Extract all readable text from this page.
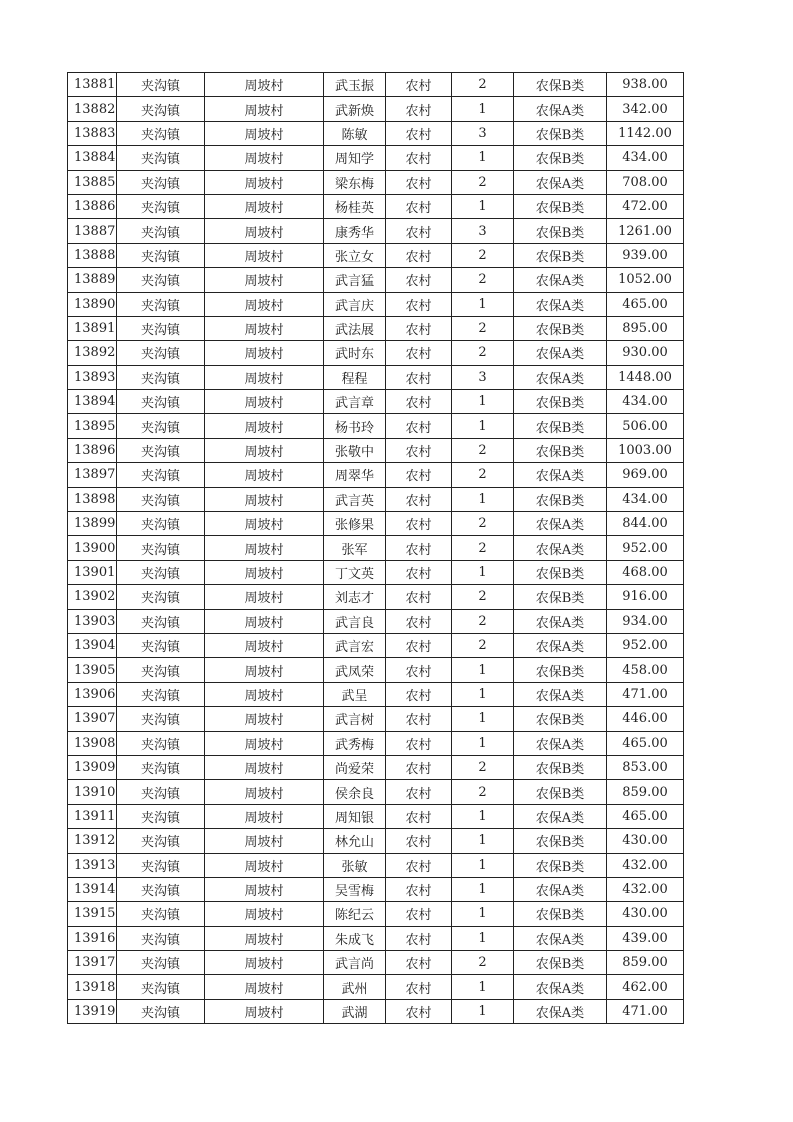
13881	夹沟镇	周坡村	武玉振	农村	2	农保B类	938.00
13882	夹沟镇	周坡村	武新焕	农村	1	农保A类	342.00
13883	夹沟镇	周坡村	陈敏	农村	3	农保B类	1142.00
13884	夹沟镇	周坡村	周知学	农村	1	农保B类	434.00
13885	夹沟镇	周坡村	梁东梅	农村	2	农保A类	708.00
13886	夹沟镇	周坡村	杨桂英	农村	1	农保B类	472.00
13887	夹沟镇	周坡村	康秀华	农村	3	农保B类	1261.00
13888	夹沟镇	周坡村	张立女	农村	2	农保B类	939.00
13889	夹沟镇	周坡村	武言猛	农村	2	农保A类	1052.00
13890	夹沟镇	周坡村	武言庆	农村	1	农保A类	465.00
13891	夹沟镇	周坡村	武法展	农村	2	农保B类	895.00
13892	夹沟镇	周坡村	武时东	农村	2	农保A类	930.00
13893	夹沟镇	周坡村	程程	农村	3	农保A类	1448.00
13894	夹沟镇	周坡村	武言章	农村	1	农保B类	434.00
13895	夹沟镇	周坡村	杨书玲	农村	1	农保B类	506.00
13896	夹沟镇	周坡村	张敬中	农村	2	农保B类	1003.00
13897	夹沟镇	周坡村	周翠华	农村	2	农保A类	969.00
13898	夹沟镇	周坡村	武言英	农村	1	农保B类	434.00
13899	夹沟镇	周坡村	张修果	农村	2	农保A类	844.00
13900	夹沟镇	周坡村	张军	农村	2	农保A类	952.00
13901	夹沟镇	周坡村	丁文英	农村	1	农保B类	468.00
13902	夹沟镇	周坡村	刘志才	农村	2	农保B类	916.00
13903	夹沟镇	周坡村	武言良	农村	2	农保A类	934.00
13904	夹沟镇	周坡村	武言宏	农村	2	农保A类	952.00
13905	夹沟镇	周坡村	武凤荣	农村	1	农保B类	458.00
13906	夹沟镇	周坡村	武呈	农村	1	农保A类	471.00
13907	夹沟镇	周坡村	武言树	农村	1	农保B类	446.00
13908	夹沟镇	周坡村	武秀梅	农村	1	农保A类	465.00
13909	夹沟镇	周坡村	尚爱荣	农村	2	农保B类	853.00
13910	夹沟镇	周坡村	侯余良	农村	2	农保B类	859.00
13911	夹沟镇	周坡村	周知银	农村	1	农保A类	465.00
13912	夹沟镇	周坡村	林允山	农村	1	农保B类	430.00
13913	夹沟镇	周坡村	张敏	农村	1	农保B类	432.00
13914	夹沟镇	周坡村	吴雪梅	农村	1	农保A类	432.00
13915	夹沟镇	周坡村	陈纪云	农村	1	农保B类	430.00
13916	夹沟镇	周坡村	朱成飞	农村	1	农保A类	439.00
13917	夹沟镇	周坡村	武言尚	农村	2	农保B类	859.00
13918	夹沟镇	周坡村	武州	农村	1	农保A类	462.00
13919	夹沟镇	周坡村	武湖	农村	1	农保A类	471.00
